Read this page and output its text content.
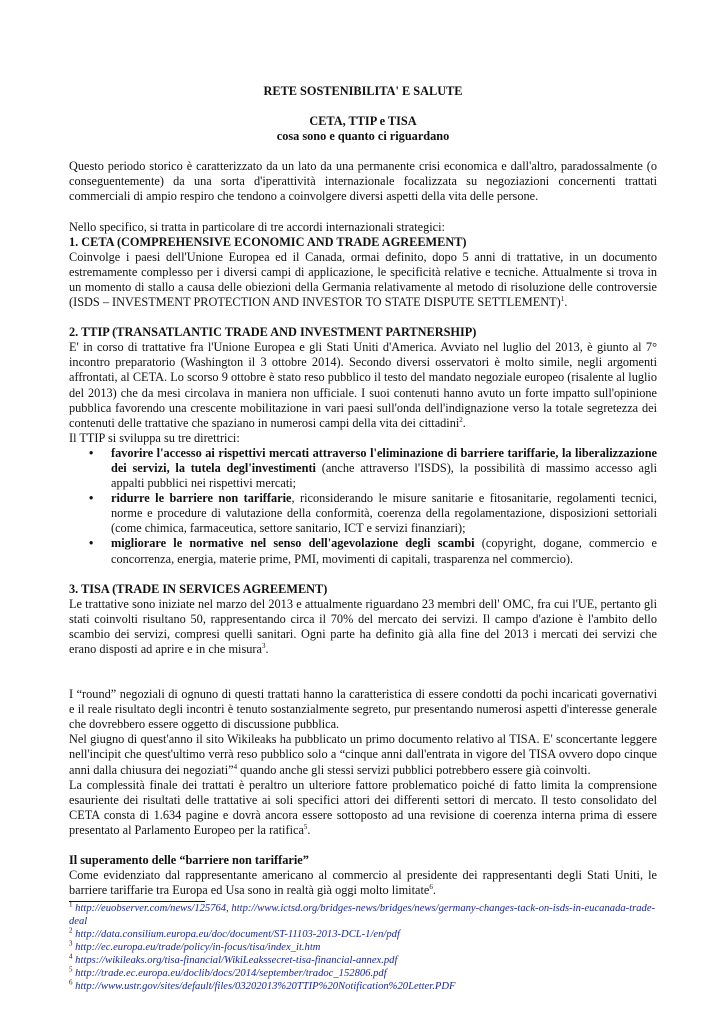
RETE SOSTENIBILITA' E SALUTE

CETA, TTIP e TISA

cosa sono e quanto ci riguardano

Questo periodo storico è caratterizzato da un lato da una permanente crisi economica e dall'altro, paradossalmente (o conseguentemente) da una sorta d'iperattività internazionale focalizzata su negoziazioni concernenti trattati commerciali di ampio respiro che tendono a coinvolgere diversi aspetti della vita delle persone.

Nello specifico, si tratta in particolare di tre accordi internazionali strategici:

1. CETA (COMPREHENSIVE ECONOMIC AND TRADE AGREEMENT)

Coinvolge i paesi dell'Unione Europea ed il Canada, ormai definito, dopo 5 anni di trattative, in un documento estremamente complesso per i diversi campi di applicazione, le specificità relative e tecniche. Attualmente si trova in un momento di stallo a causa delle obiezioni della Germania relativamente al metodo di risoluzione delle controversie (ISDS – INVESTMENT PROTECTION AND INVESTOR TO STATE DISPUTE SETTLEMENT)$^1$.

2. TTIP (TRANSATLANTIC TRADE AND INVESTMENT PARTNERSHIP)

E' in corso di trattative fra l'Unione Europea e gli Stati Uniti d'America. Avviato nel luglio del 2013, è giunto al 7° incontro preparatorio (Washington il 3 ottobre 2014). Secondo diversi osservatori è molto simile, negli argomenti affrontati, al CETA. Lo scorso 9 ottobre è stato reso pubblico il testo del mandato negoziale europeo (risalente al luglio del 2013) che da mesi circolava in maniera non ufficiale. I suoi contenuti hanno avuto un forte impatto sull'opinione pubblica favorendo una crescente mobilitazione in vari paesi sull'onda dell'indignazione verso la totale segretezza dei contenuti delle trattative che spaziano in numerosi campi della vita dei cittadini$^2$.

Il TTIP si sviluppa su tre direttrici:

• favorire l'accesso ai rispettivi mercati attraverso l'eliminazione di barriere tariffarie, la liberalizzazione dei servizi, la tutela degl'investimenti (anche attraverso l'ISDS), la possibilità di massimo accesso agli appalti pubblici nei rispettivi mercati;
• ridurre le barriere non tariffarie, riconsiderando le misure sanitarie e fitosanitarie, regolamenti tecnici, norme e procedure di valutazione della conformità, coerenza della regolamentazione, disposizioni settoriali (come chimica, farmaceutica, settore sanitario, ICT e servizi finanziari);
• migliorare le normative nel senso dell'agevolazione degli scambi (copyright, dogane, commercio e concorrenza, energia, materie prime, PMI, movimenti di capitali, trasparenza nel commercio).

3. TISA (TRADE IN SERVICES AGREEMENT)

Le trattative sono iniziate nel marzo del 2013 e attualmente riguardano 23 membri dell' OMC, fra cui l'UE, pertanto gli stati coinvolti risultano 50, rappresentando circa il 70% del mercato dei servizi. Il campo d'azione è l'ambito dello scambio dei servizi, compresi quelli sanitari. Ogni parte ha definito già alla fine del 2013 i mercati dei servizi che erano disposti ad aprire e in che misura$^3$.

I “round” negoziali di ognuno di questi trattati hanno la caratteristica di essere condotti da pochi incaricati governativi e il reale risultato degli incontri è tenuto sostanzialmente segreto, pur presentando numerosi aspetti d'interesse generale che dovrebbero essere oggetto di discussione pubblica.

Nel giugno di quest'anno il sito Wikileaks ha pubblicato un primo documento relativo al TISA. E' sconcertante leggere nell'incipit che quest'ultimo verrà reso pubblico solo a “cinque anni dall'entrata in vigore del TISA ovvero dopo cinque anni dalla chiusura dei negoziati”$^4$ quando anche gli stessi servizi pubblici potrebbero essere già coinvolti.

La complessità finale dei trattati è peraltro un ulteriore fattore problematico poiché di fatto limita la comprensione esauriente dei risultati delle trattative ai soli specifici attori dei differenti settori di mercato. Il testo consolidato del CETA consta di 1.634 pagine e dovrà ancora essere sottoposto ad una revisione di coerenza interna prima di essere presentato al Parlamento Europeo per la ratifica$^5$.

Il superamento delle “barriere non tariffarie”

Come evidenziato dal rappresentante americano al commercio al presidente dei rappresentanti degli Stati Uniti, le barriere tariffarie tra Europa ed Usa sono in realtà già oggi molto limitate$^6$.

$^1$ http://euobserver.com/news/125764, http://www.ictsd.org/bridges-news/bridges/news/germany-changes-tack-on-isds-in-eucanada-trade-deal

$^2$ http://data.consilium.europa.eu/doc/document/ST-11103-2013-DCL-1/en/pdf

$^3$ http://ec.europa.eu/trade/policy/in-focus/tisa/index_it.htm

$^4$ https://wikileaks.org/tisa-financial/WikiLeakssecret-tisa-financial-annex.pdf

$^5$ http://trade.ec.europa.eu/doclib/docs/2014/september/tradoc_152806.pdf

$^6$ http://www.ustr.gov/sites/default/files/03202013%20TTIP%20Notification%20Letter.PDF
